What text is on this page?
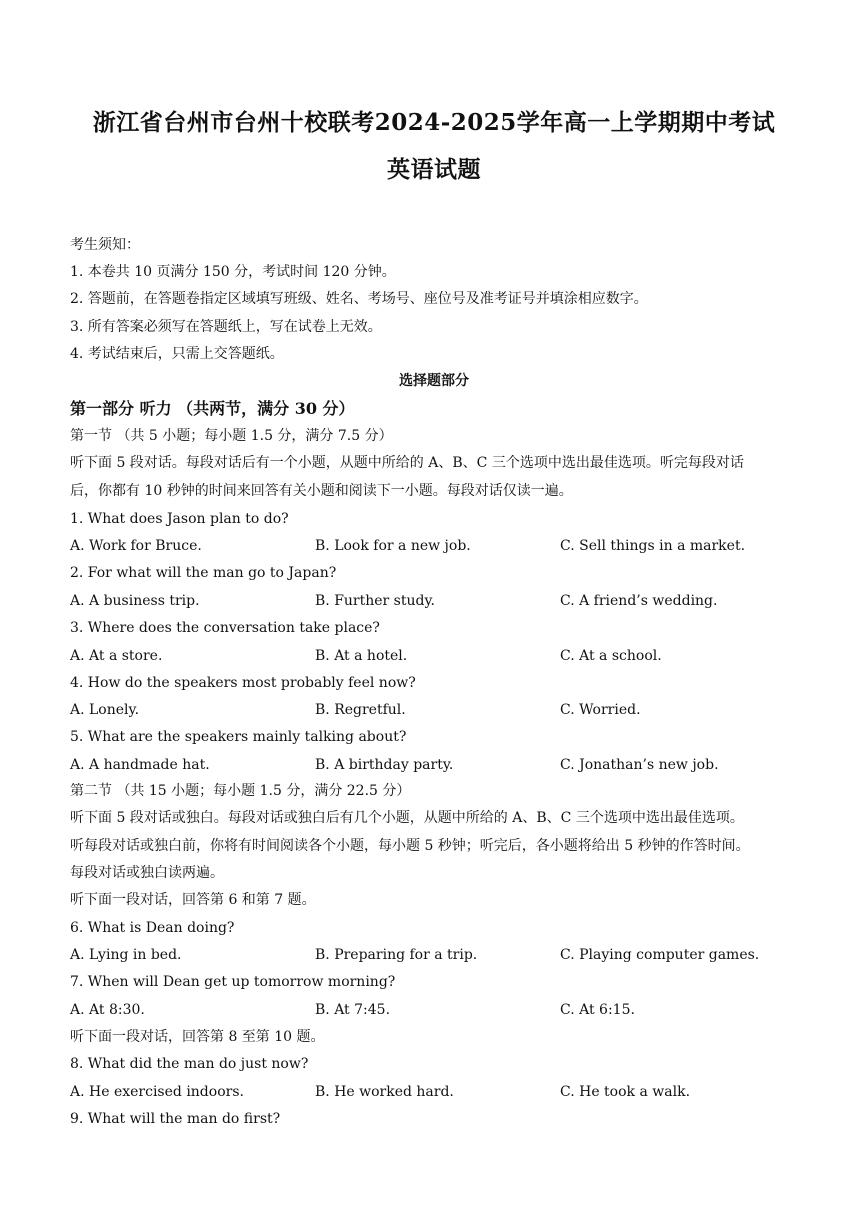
浙江省台州市台州十校联考2024-2025学年高一上学期期中考试
英语试题
考生须知：
1. 本卷共 10 页满分 150 分，考试时间 120 分钟。
2. 答题前，在答题卷指定区域填写班级、姓名、考场号、座位号及准考证号并填涂相应数字。
3. 所有答案必须写在答题纸上，写在试卷上无效。
4. 考试结束后，只需上交答题纸。
选择题部分
第一部分 听力 （共两节，满分 30 分）
第一节 （共 5 小题；每小题 1.5 分，满分 7.5 分）
听下面 5 段对话。每段对话后有一个小题，从题中所给的 A、B、C 三个选项中选出最佳选项。听完每段对话
后，你都有 10 秒钟的时间来回答有关小题和阅读下一小题。每段对话仅读一遍。
1. What does Jason plan to do?
A. Work for Bruce.	B. Look for a new job.	C. Sell things in a market.
2. For what will the man go to Japan?
A. A business trip.	B. Further study.	C. A friend’s wedding.
3. Where does the conversation take place?
A. At a store.	B. At a hotel.	C. At a school.
4. How do the speakers most probably feel now?
A. Lonely.	B. Regretful.	C. Worried.
5. What are the speakers mainly talking about?
A. A handmade hat.	B. A birthday party.	C. Jonathan’s new job.
第二节 （共 15 小题；每小题 1.5 分，满分 22.5 分）
听下面 5 段对话或独白。每段对话或独白后有几个小题，从题中所给的 A、B、C 三个选项中选出最佳选项。
听每段对话或独白前，你将有时间阅读各个小题，每小题 5 秒钟；听完后，各小题将给出 5 秒钟的作答时间。
每段对话或独白读两遍。
听下面一段对话，回答第 6 和第 7 题。
6. What is Dean doing?
A. Lying in bed.	B. Preparing for a trip.	C. Playing computer games.
7. When will Dean get up tomorrow morning?
A. At 8:30.	B. At 7:45.	C. At 6:15.
听下面一段对话，回答第 8 至第 10 题。
8. What did the man do just now?
A. He exercised indoors.	B. He worked hard.	C. He took a walk.
9. What will the man do first?
